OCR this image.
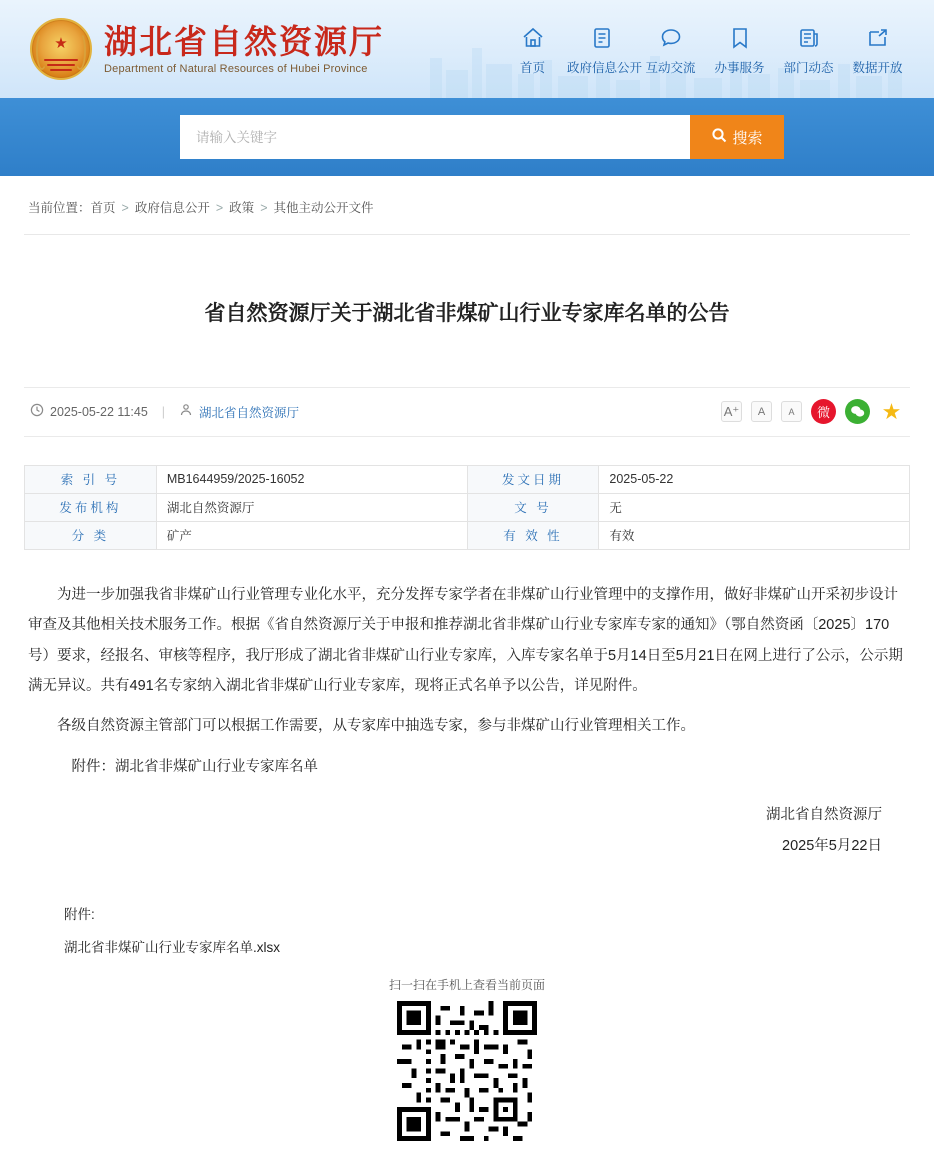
★ 湖北省自然资源厅
Department of Natural Resources of Hubei Province	首页	政府信息公开 互动交流	办事服务	部门动态	数据开放
请输入关键字
搜索
当前位置：首页 > 政府信息公开 > 政策 > 其他主动公开文件
省自然资源厅关于湖北省非煤矿山行业专家库名单的公告
2025-05-22 11:45 |	湖北省自然资源厅	A⁺	A	A	微 ★
索 引 号	MB1644959/2025-16052	发文日期	2025-05-22
发布机构	湖北自然资源厅	文 号	无
分 类	矿产	有 效 性	有效

为进一步加强我省非煤矿山行业管理专业化水平，充分发挥专家学者在非煤矿山行业管理中的支撑作用，做好非煤矿山开采初步设计审查及其他相关技术服务工作。根据《省自然资源厅关于申报和推荐湖北省非煤矿山行业专家库专家的通知》（鄂自然资函〔2025〕170号）要求，经报名、审核等程序，我厅形成了湖北省非煤矿山行业专家库，入库专家名单于5月14日至5月21日在网上进行了公示，公示期满无异议。共有491名专家纳入湖北省非煤矿山行业专家库，现将正式名单予以公告，详见附件。

各级自然资源主管部门可以根据工作需要，从专家库中抽选专家，参与非煤矿山行业管理相关工作。

附件：湖北省非煤矿山行业专家库名单

湖北省自然资源厅
2025年5月22日
附件:
湖北省非煤矿山行业专家库名单.xlsx
扫一扫在手机上查看当前页面
